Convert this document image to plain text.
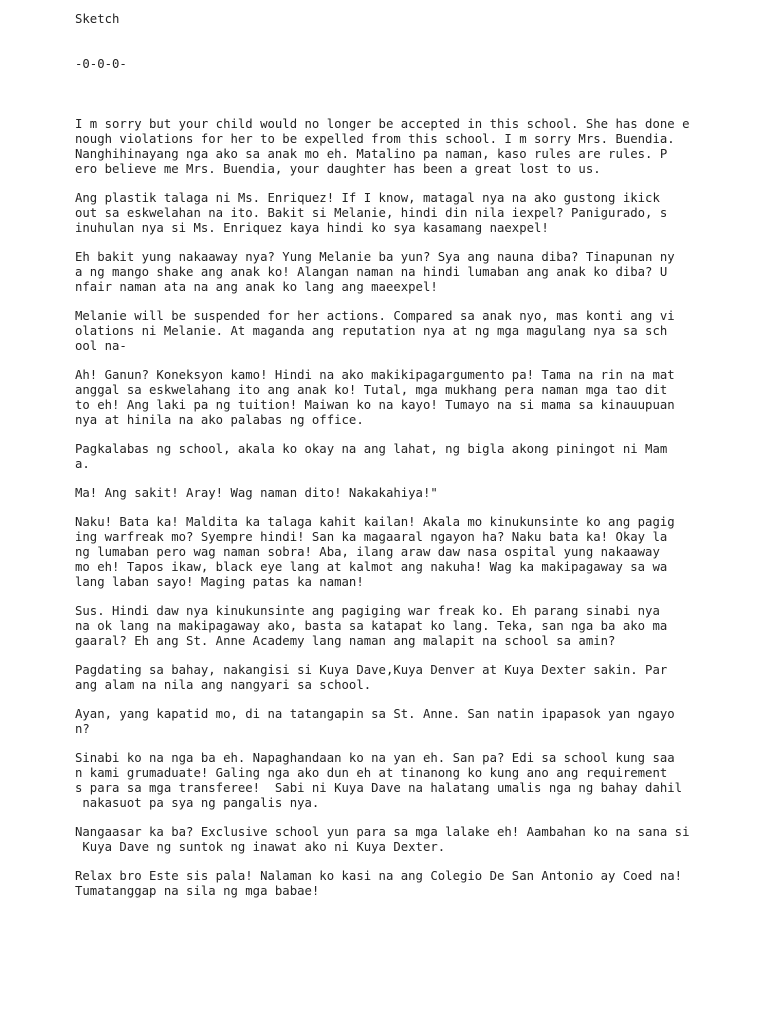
Sketch
-0-0-0-
I m sorry but your child would no longer be accepted in this school. She has done e
nough violations for her to be expelled from this school. I m sorry Mrs. Buendia.
Nanghihinayang nga ako sa anak mo eh. Matalino pa naman, kaso rules are rules. P
ero believe me Mrs. Buendia, your daughter has been a great lost to us.
Ang plastik talaga ni Ms. Enriquez! If I know, matagal nya na ako gustong ikick
out sa eskwelahan na ito. Bakit si Melanie, hindi din nila iexpel? Panigurado, s
inuhulan nya si Ms. Enriquez kaya hindi ko sya kasamang naexpel!
Eh bakit yung nakaaway nya? Yung Melanie ba yun? Sya ang nauna diba? Tinapunan ny
a ng mango shake ang anak ko! Alangan naman na hindi lumaban ang anak ko diba? U
nfair naman ata na ang anak ko lang ang maeexpel!
Melanie will be suspended for her actions. Compared sa anak nyo, mas konti ang vi
olations ni Melanie. At maganda ang reputation nya at ng mga magulang nya sa sch
ool na-
Ah! Ganun? Koneksyon kamo! Hindi na ako makikipagargumento pa! Tama na rin na mat
anggal sa eskwelahang ito ang anak ko! Tutal, mga mukhang pera naman mga tao dit
to eh! Ang laki pa ng tuition! Maiwan ko na kayo! Tumayo na si mama sa kinauupuan
nya at hinila na ako palabas ng office.
Pagkalabas ng school, akala ko okay na ang lahat, ng bigla akong piningot ni Mam
a.
Ma! Ang sakit! Aray! Wag naman dito! Nakakahiya!"
Naku! Bata ka! Maldita ka talaga kahit kailan! Akala mo kinukunsinte ko ang pagig
ing warfreak mo? Syempre hindi! San ka magaaral ngayon ha? Naku bata ka! Okay la
ng lumaban pero wag naman sobra! Aba, ilang araw daw nasa ospital yung nakaaway
mo eh! Tapos ikaw, black eye lang at kalmot ang nakuha! Wag ka makipagaway sa wa
lang laban sayo! Maging patas ka naman!
Sus. Hindi daw nya kinukunsinte ang pagiging war freak ko. Eh parang sinabi nya
na ok lang na makipagaway ako, basta sa katapat ko lang. Teka, san nga ba ako ma
gaaral? Eh ang St. Anne Academy lang naman ang malapit na school sa amin?
Pagdating sa bahay, nakangisi si Kuya Dave,Kuya Denver at Kuya Dexter sakin. Par
ang alam na nila ang nangyari sa school.
Ayan, yang kapatid mo, di na tatangapin sa St. Anne. San natin ipapasok yan ngayo
n?
Sinabi ko na nga ba eh. Napaghandaan ko na yan eh. San pa? Edi sa school kung saa
n kami grumaduate! Galing nga ako dun eh at tinanong ko kung ano ang requirement
s para sa mga transferee!  Sabi ni Kuya Dave na halatang umalis nga ng bahay dahil
nakasuot pa sya ng pangalis nya.
Nangaasar ka ba? Exclusive school yun para sa mga lalake eh! Aambahan ko na sana si
Kuya Dave ng suntok ng inawat ako ni Kuya Dexter.
Relax bro Este sis pala! Nalaman ko kasi na ang Colegio De San Antonio ay Coed na!
Tumatanggap na sila ng mga babae!
